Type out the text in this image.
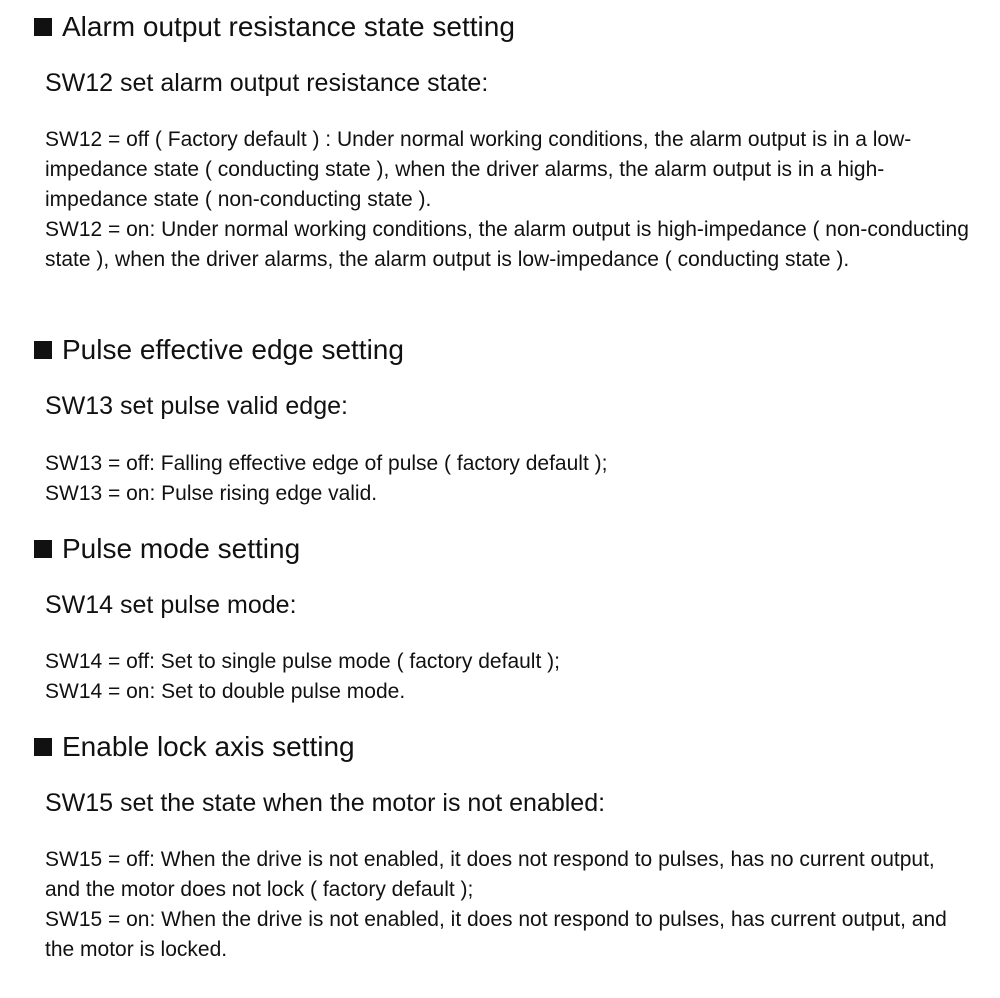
Alarm output resistance state setting
SW12 set alarm output resistance state:

SW12 = off ( Factory default ) : Under normal working conditions, the alarm output is in a low-impedance state ( conducting state ), when the driver alarms, the alarm output is in a high-impedance state ( non-conducting state ).

SW12 = on: Under normal working conditions, the alarm output is high-impedance ( non-conducting state ), when the driver alarms, the alarm output is low-impedance ( conducting state ).

Pulse effective edge setting
SW13 set pulse valid edge:

SW13 = off: Falling effective edge of pulse ( factory default );

SW13 = on: Pulse rising edge valid.

Pulse mode setting
SW14 set pulse mode:

SW14 = off: Set to single pulse mode ( factory default );

SW14 = on: Set to double pulse mode.

Enable lock axis setting
SW15 set the state when the motor is not enabled:

SW15 = off: When the drive is not enabled, it does not respond to pulses, has no current output, and the motor does not lock ( factory default );

SW15 = on: When the drive is not enabled, it does not respond to pulses, has current output, and the motor is locked.
